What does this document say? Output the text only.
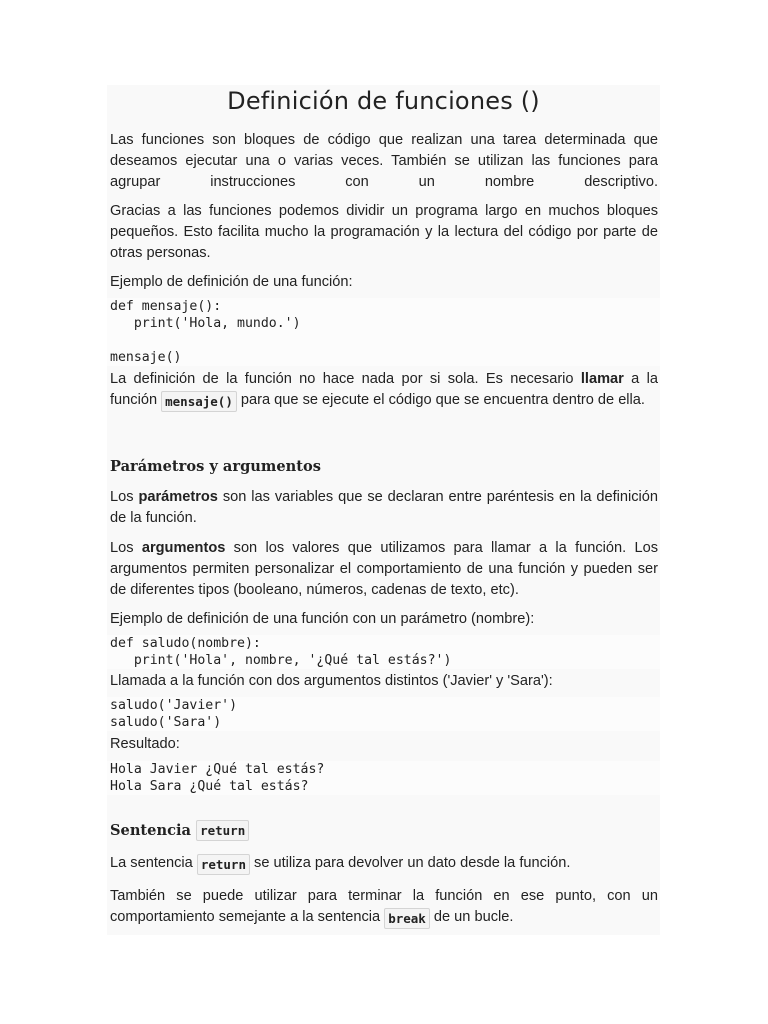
Definición de funciones ()

Las funciones son bloques de código que realizan una tarea determinada que deseamos ejecutar una o varias veces. También se utilizan las funciones para agrupar instrucciones con un nombre descriptivo.

Gracias a las funciones podemos dividir un programa largo en muchos bloques pequeños. Esto facilita mucho la programación y la lectura del código por parte de otras personas.

Ejemplo de definición de una función:

def mensaje():
print('Hola, mundo.')

mensaje()

La definición de la función no hace nada por si sola. Es necesario llamar a la función mensaje() para que se ejecute el código que se encuentra dentro de ella.

Parámetros y argumentos

Los parámetros son las variables que se declaran entre paréntesis en la definición de la función.

Los argumentos son los valores que utilizamos para llamar a la función. Los argumentos permiten personalizar el comportamiento de una función y pueden ser de diferentes tipos (booleano, números, cadenas de texto, etc).

Ejemplo de definición de una función con un parámetro (nombre):

def saludo(nombre):
print('Hola', nombre, '¿Qué tal estás?')

Llamada a la función con dos argumentos distintos ('Javier' y 'Sara'):

saludo('Javier')
saludo('Sara')

Resultado:

Hola Javier ¿Qué tal estás?
Hola Sara ¿Qué tal estás?
Sentencia return

La sentencia return se utiliza para devolver un dato desde la función.

También se puede utilizar para terminar la función en ese punto, con un comportamiento semejante a la sentencia break de un bucle.
